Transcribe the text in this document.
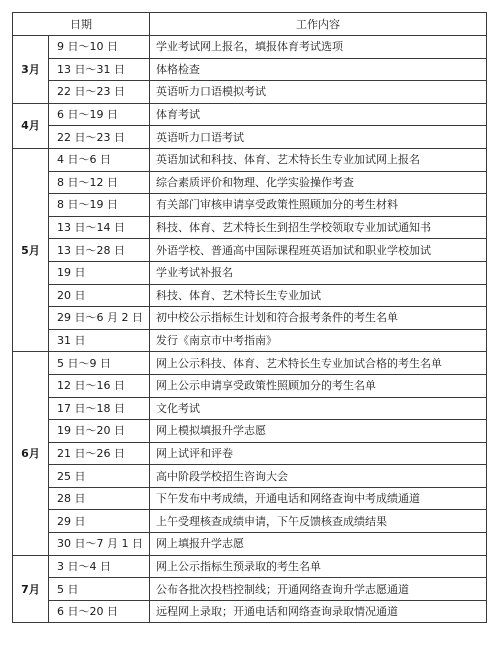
日期		工作内容
3月	9 日～10 日	学业考试网上报名，填报体育考试选项
	13 日～31 日	体格检查
	22 日～23 日	英语听力口语模拟考试
4月	6 日～19 日	体育考试
	22 日～23 日	英语听力口语考试
5月	4 日～6 日	英语加试和科技、体育、艺术特长生专业加试网上报名
	8 日～12 日	综合素质评价和物理、化学实验操作考查
	8 日～19 日	有关部门审核申请享受政策性照顾加分的考生材料
	13 日～14 日	科技、体育、艺术特长生到招生学校领取专业加试通知书
	13 日～28 日	外语学校、普通高中国际课程班英语加试和职业学校加试
	19 日	学业考试补报名
	20 日	科技、体育、艺术特长生专业加试
	29 日～6 月 2 日	初中校公示指标生计划和符合报考条件的考生名单
	31 日	发行《南京市中考指南》
6月	5 日～9 日	网上公示科技、体育、艺术特长生专业加试合格的考生名单
	12 日～16 日	网上公示申请享受政策性照顾加分的考生名单
	17 日～18 日	文化考试
	19 日～20 日	网上模拟填报升学志愿
	21 日～26 日	网上试评和评卷
	25 日	高中阶段学校招生咨询大会
	28 日	下午发布中考成绩，开通电话和网络查询中考成绩通道
	29 日	上午受理核查成绩申请，下午反馈核查成绩结果
	30 日～7 月 1 日	网上填报升学志愿
7月	3 日～4 日	网上公示指标生预录取的考生名单
	5 日	公布各批次投档控制线；开通网络查询升学志愿通道
	6 日～20 日	远程网上录取；开通电话和网络查询录取情况通道
